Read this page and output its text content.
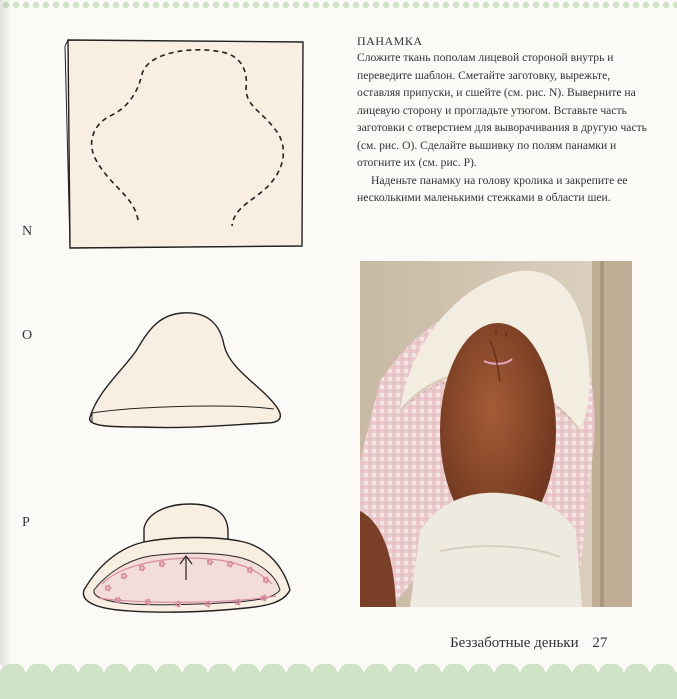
N
O
P
ПАНАМКА

Сложите ткань пополам лицевой стороной внутрь и переведите шаблон. Сметайте заготовку, вырежьте, оставляя припуски, и сшейте (см. рис. N). Выверните на лицевую сторону и прогладьте утюгом. Вставьте часть заготовки с отверстием для выворачивания в другую часть (см. рис. O). Сделайте вышивку по полям панамки и отогните их (см. рис. P).

Наденьте панамку на голову кролика и закрепите ее несколькими маленькими стежками в области шеи.

Беззаботные деньки 27
